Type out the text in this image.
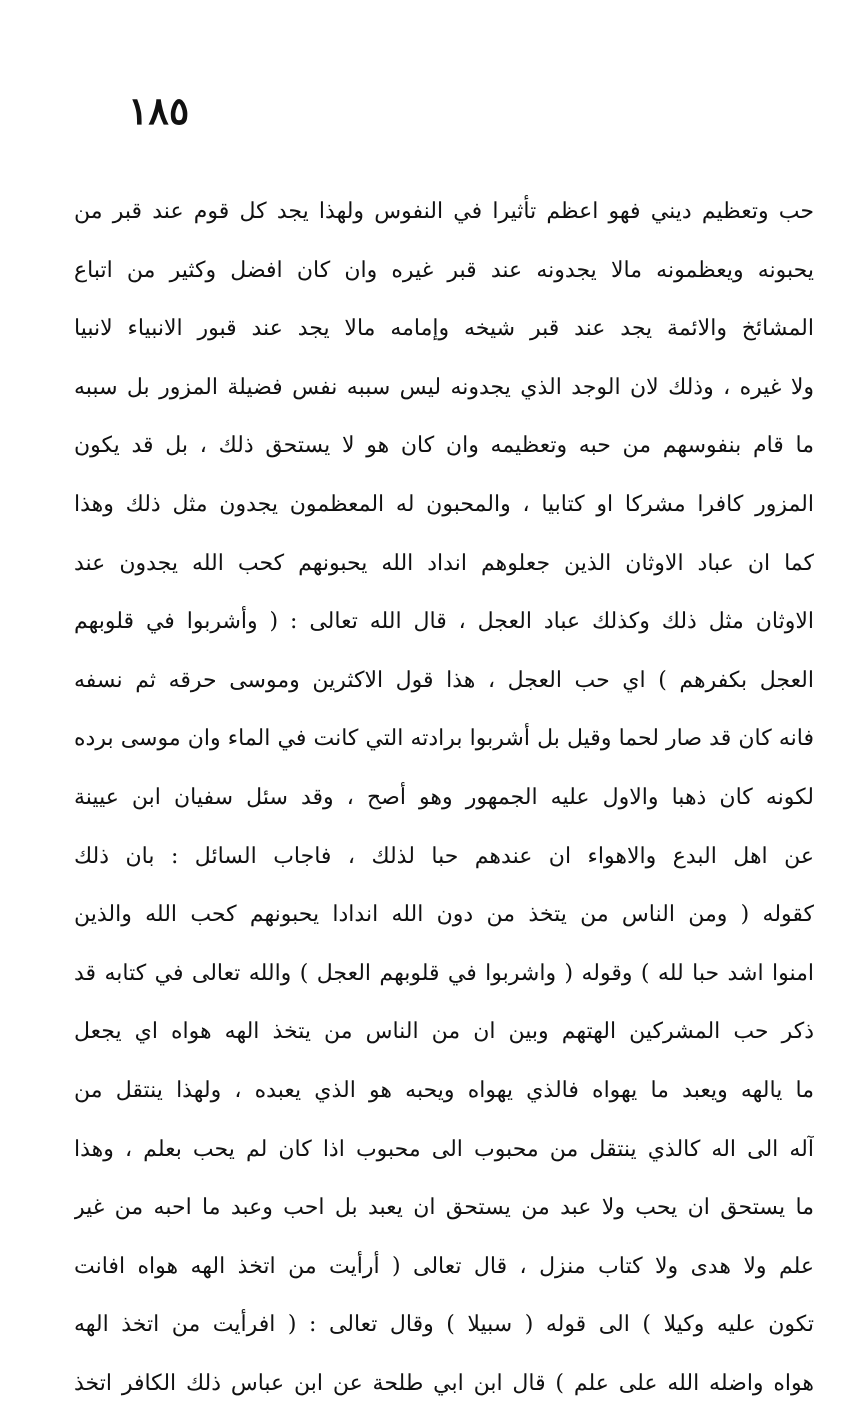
١٨٥
حب وتعظيم ديني فهو اعظم تأثيرا في النفوس ولهذا يجد كل قوم عند قبر من
يحبونه ويعظمونه مالا يجدونه عند قبر غيره وان كان افضل وكثير من اتباع
المشائخ والائمة يجد عند قبر شيخه وإمامه مالا يجد عند قبور الانبياء لانبيا
ولا غيره ، وذلك لان الوجد الذي يجدونه ليس سببه نفس فضيلة المزور بل سببه
ما قام بنفوسهم من حبه وتعظيمه وان كان هو لا يستحق ذلك ، بل قد يكون
المزور كافرا مشركا او كتابيا ، والمحبون له المعظمون يجدون مثل ذلك وهذا
كما ان عباد الاوثان الذين جعلوهم انداد الله يحبونهم كحب الله يجدون عند
الاوثان مثل ذلك وكذلك عباد العجل ، قال الله تعالى : ( وأشربوا في قلوبهم
العجل بكفرهم ) اي حب العجل ، هذا قول الاكثرين وموسى حرقه ثم نسفه
فانه كان قد صار لحما وقيل بل أشربوا برادته التي كانت في الماء وان موسى برده
لكونه كان ذهبا والاول عليه الجمهور وهو أصح ، وقد سئل سفيان ابن عيينة
عن اهل البدع والاهواء ان عندهم حبا لذلك ، فاجاب السائل : بان ذلك
كقوله ( ومن الناس من يتخذ من دون الله اندادا يحبونهم كحب الله والذين
امنوا اشد حبا لله ) وقوله ( واشربوا في قلوبهم العجل ) والله تعالى في كتابه قد
ذكر حب المشركين الهتهم وبين ان من الناس من يتخذ الهه هواه اي يجعل
ما يالهه ويعبد ما يهواه فالذي يهواه ويحبه هو الذي يعبده ، ولهذا ينتقل من
آله الى اله كالذي ينتقل من محبوب الى محبوب اذا كان لم يحب بعلم ، وهذا
ما يستحق ان يحب ولا عبد من يستحق ان يعبد بل احب وعبد ما احبه من غير
علم ولا هدى ولا كتاب منزل ، قال تعالى ( أرأيت من اتخذ الهه هواه افانت
تكون عليه وكيلا ) الى قوله ( سبيلا ) وقال تعالى : ( افرأيت من اتخذ الهه
هواه واضله الله على علم ) قال ابن ابي طلحة عن ابن عباس ذلك الكافر اتخذ
